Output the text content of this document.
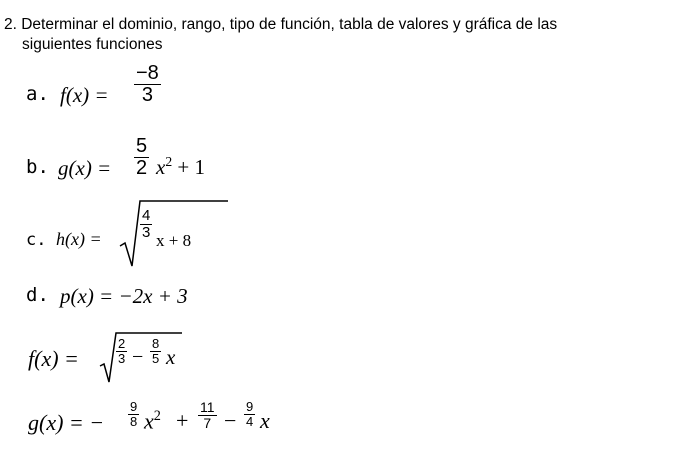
2. Determinar el dominio, rango, tipo de función, tabla de valores y gráfica de las
siguientes funciones
a. $f(x) = \frac{-8}{3}$
b. $g(x) = \frac{5}{2} x^2 + 1$
c. h(x) =	$\frac{4}{3}$ x + 8
d. p(x) = −2x + 3
f(x) =	$\frac{2}{3} - \frac{8}{5}$ x
g(x) = − $\frac{9}{8} x^2 + \frac{11}{7} - \frac{9}{4}$ x
